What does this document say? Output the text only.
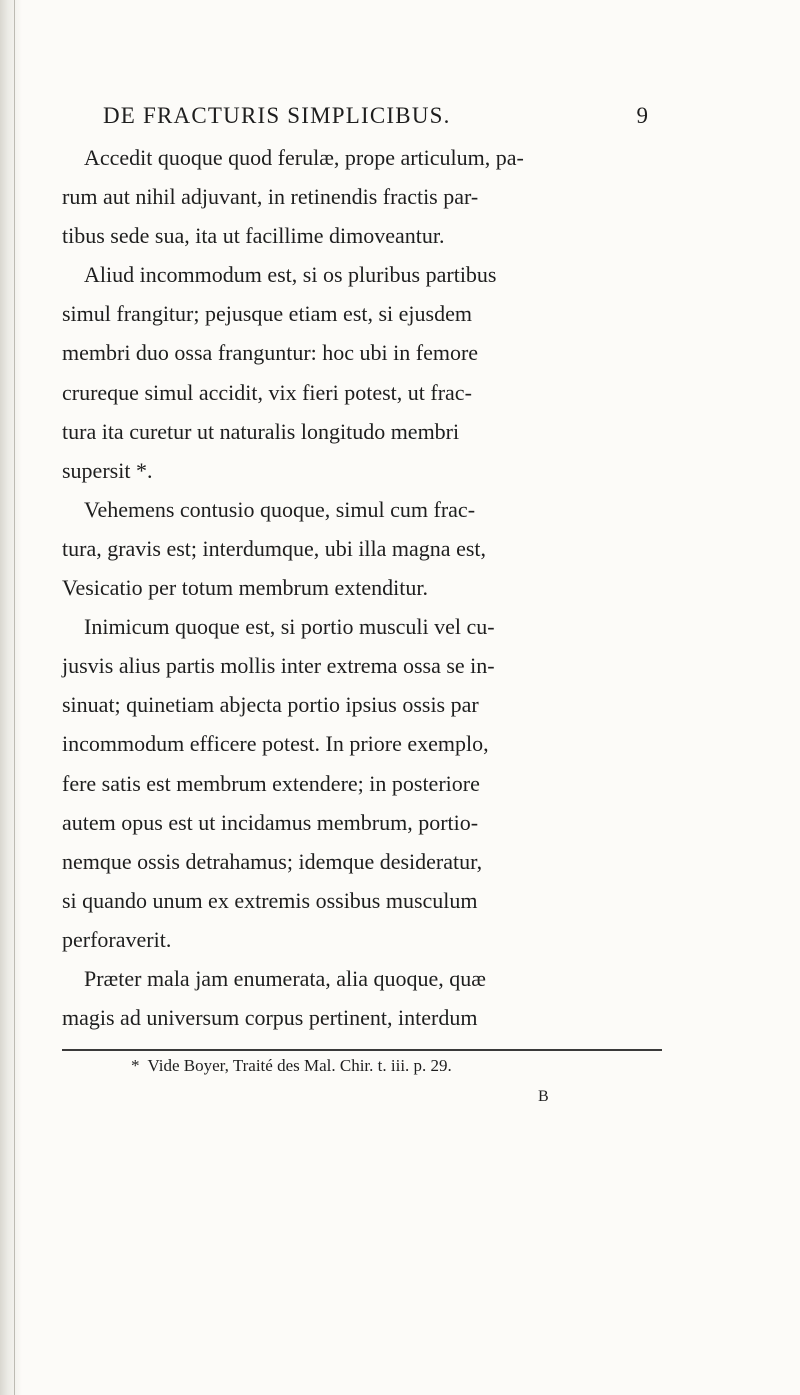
DE FRACTURIS SIMPLICIBUS.	9
Accedit quoque quod ferulæ, prope articulum, pa-
rum aut nihil adjuvant, in retinendis fractis par-
tibus sede sua, ita ut facillime dimoveantur.
Aliud incommodum est, si os pluribus partibus
simul frangitur; pejusque etiam est, si ejusdem
membri duo ossa franguntur: hoc ubi in femore
crureque simul accidit, vix fieri potest, ut frac-
tura ita curetur ut naturalis longitudo membri
supersit *.
Vehemens contusio quoque, simul cum frac-
tura, gravis est; interdumque, ubi illa magna est,
Vesicatio per totum membrum extenditur.
Inimicum quoque est, si portio musculi vel cu-
jusvis alius partis mollis inter extrema ossa se in-
sinuat; quinetiam abjecta portio ipsius ossis par
incommodum efficere potest. In priore exemplo,
fere satis est membrum extendere; in posteriore
autem opus est ut incidamus membrum, portio-
nemque ossis detrahamus; idemque desideratur,
si quando unum ex extremis ossibus musculum
perforaverit.
Præter mala jam enumerata, alia quoque, quæ
magis ad universum corpus pertinent, interdum
* Vide Boyer, Traité des Mal. Chir. t. iii. p. 29.
B
